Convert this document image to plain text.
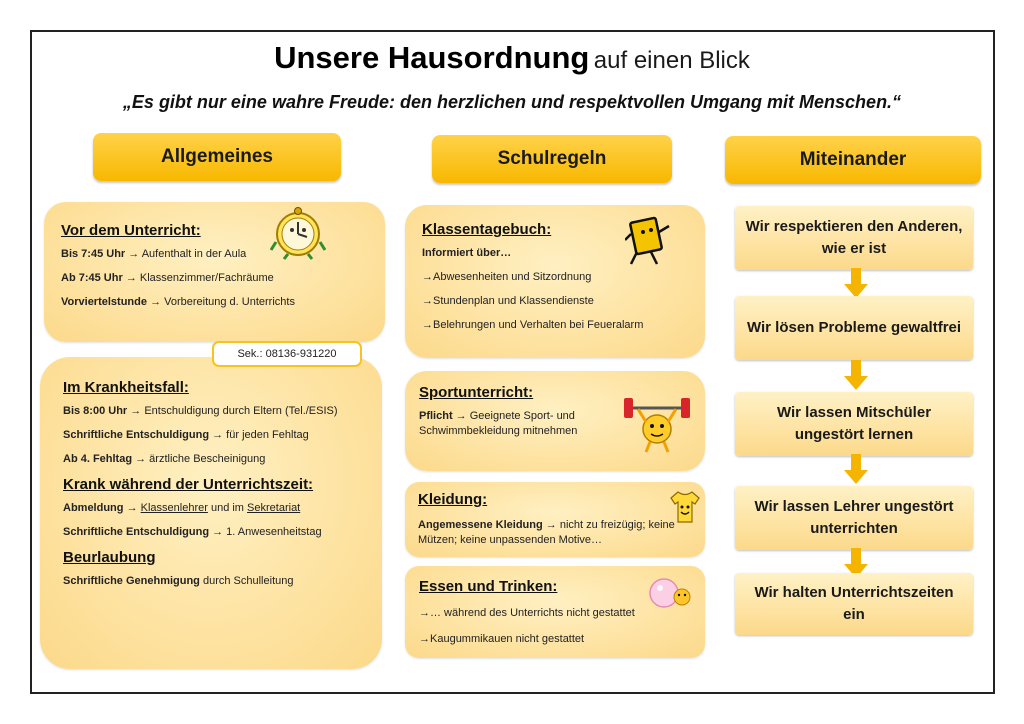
Unsere Hausordnung auf einen Blick
„Es gibt nur eine wahre Freude: den herzlichen und respektvollen Umgang mit Menschen.“
Allgemeines	Schulregeln	Miteinander
Vor dem Unterricht:

Bis 7:45 Uhr → Aufenthalt in der Aula

Ab 7:45 Uhr → Klassenzimmer/Fachräume

Vorviertelstunde → Vorbereitung d. Unterrichts

Sek.: 08136-931220
Im Krankheitsfall:

Bis 8:00 Uhr → Entschuldigung durch Eltern (Tel./ESIS)

Schriftliche Entschuldigung → für jeden Fehltag

Ab 4. Fehltag → ärztliche Bescheinigung

Krank während der Unterrichtszeit:

Abmeldung → Klassenlehrer und im Sekretariat

Schriftliche Entschuldigung → 1. Anwesenheitstag

Beurlaubung

Schriftliche Genehmigung durch Schulleitung

Klassentagebuch:

Informiert über…

→Abwesenheiten und Sitzordnung

→Stundenplan und Klassendienste

→Belehrungen und Verhalten bei Feueralarm

Sportunterricht:

Pflicht → Geeignete Sport- und Schwimmbekleidung mitnehmen

Kleidung:

Angemessene Kleidung → nicht zu freizügig; keine Mützen; keine unpassenden Motive…

Essen und Trinken:

→… während des Unterrichts nicht gestattet

→Kaugummikauen nicht gestattet

Wir respektieren den Anderen, wie er ist
Wir lösen Probleme gewaltfrei
Wir lassen Mitschüler ungestört lernen
Wir lassen Lehrer ungestört unterrichten
Wir halten Unterrichtszeiten ein
